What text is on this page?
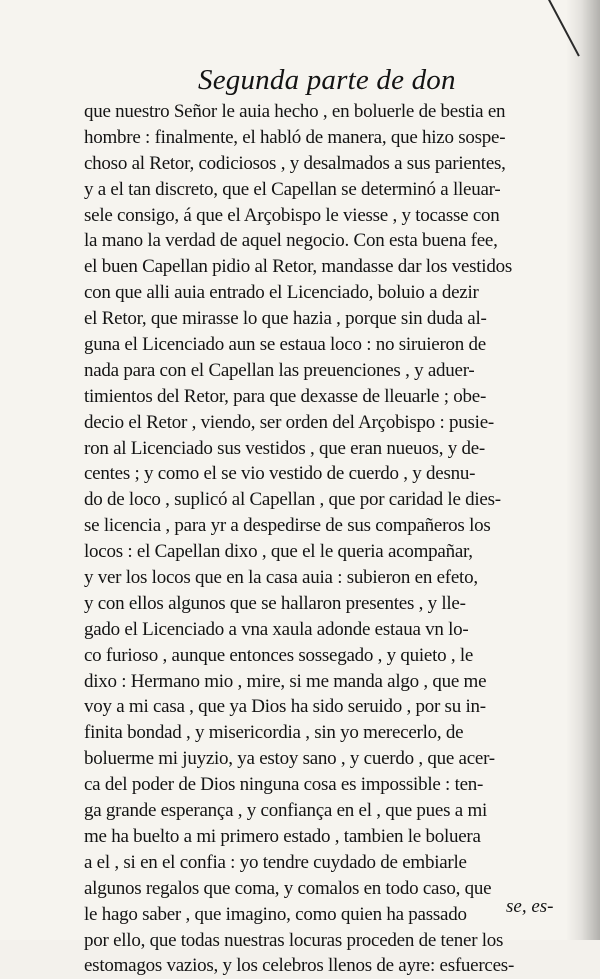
Segunda parte de don
que nuestro Señor le auia hecho , en boluerle de bestia en
hombre : finalmente, el habló de manera, que hizo sospe-
choso al Retor, codiciosos , y desalmados a sus parientes,
y a el tan discreto, que el Capellan se determinó a lleuar-
sele consigo, á que el Arçobispo le viesse , y tocasse con
la mano la verdad de aquel negocio. Con esta buena fee,
el buen Capellan pidio al Retor, mandasse dar los vestidos
con que alli auia entrado el Licenciado, boluio a dezir
el Retor, que mirasse lo que hazia , porque sin duda al-
guna el Licenciado aun se estaua loco : no siruieron de
nada para con el Capellan las preuenciones , y aduer-
timientos del Retor, para que dexasse de lleuarle ; obe-
decio el Retor , viendo, ser orden del Arçobispo : pusie-
ron al Licenciado sus vestidos , que eran nueuos, y de-
centes ; y como el se vio vestido de cuerdo , y desnu-
do de loco , suplicó al Capellan , que por caridad le dies-
se licencia , para yr a despedirse de sus compañeros los
locos : el Capellan dixo , que el le queria acompañar,
y ver los locos que en la casa auia : subieron en efeto,
y con ellos algunos que se hallaron presentes , y lle-
gado el Licenciado a vna xaula adonde estaua vn lo-
co furioso , aunque entonces sossegado , y quieto , le
dixo : Hermano mio , mire, si me manda algo , que me
voy a mi casa , que ya Dios ha sido seruido , por su in-
finita bondad , y misericordia , sin yo merecerlo, de
boluerme mi juyzio, ya estoy sano , y cuerdo , que acer-
ca del poder de Dios ninguna cosa es impossible : ten-
ga grande esperança , y confiança en el , que pues a mi
me ha buelto a mi primero estado , tambien le boluera
a el , si en el confia : yo tendre cuydado de embiarle
algunos regalos que coma, y comalos en todo caso, que
le hago saber , que imagino, como quien ha passado
por ello, que todas nuestras locuras proceden de tener los
estomagos vazios, y los celebros llenos de ayre: esfuerces-
se, es-
